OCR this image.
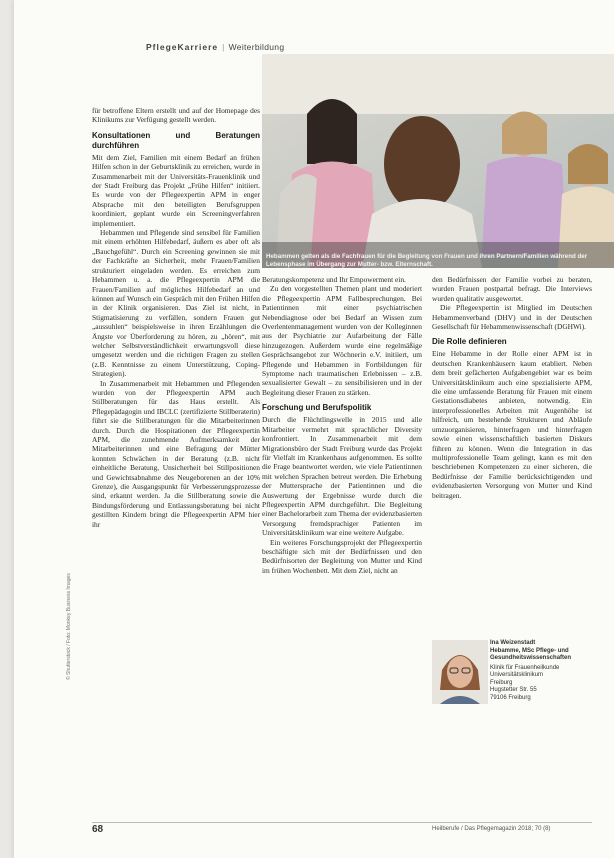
PflegeKarriere | Weiterbildung
Hebammen gelten als die Fachfrauen für die Begleitung von Frauen und ihren Partnern/Familien während der Lebensphase im Übergang zur Mutter- bzw. Elternschaft.

für betroffene Eltern erstellt und auf der Homepage des Klinikums zur Verfügung gestellt werden.

Konsultationen und Beratungen durchführen

Mit dem Ziel, Familien mit einem Bedarf an frühen Hilfen schon in der Geburtsklinik zu erreichen, wurde in Zusammenarbeit mit der Universitäts-Frauenklinik und der Stadt Freiburg das Projekt „Frühe Hilfen“ initiiert. Es wurde von der Pflegeexpertin APM in enger Absprache mit den beteiligten Berufsgruppen koordiniert, geplant wurde ein Screeningverfahren implementiert.

Hebammen und Pflegende sind sensibel für Familien mit einem erhöhten Hilfebedarf, äußern es aber oft als „Bauchgefühl“. Durch ein Screening gewinnen sie mit der Fachkräfte an Sicherheit, mehr Frauen/Familien strukturiert eingeladen werden. Es erreichen zum Hebammen u. a. die Pflegeexpertin APM die Frauen/Familien auf mögliches Hilfebedarf an und können auf Wunsch ein Gespräch mit den Frühen Hilfen in der Klinik organisieren. Das Ziel ist nicht, in Stigmatisierung zu verfällen, sondern Frauen gut „aussuhlen“ beispielsweise in ihren Erzählungen die Ängste vor Überforderung zu hören, zu „hören“, mit welcher Selbstverständlichkeit erwartungsvoll diese umgesetzt werden und die richtigen Fragen zu stellen (z.B. Kenntnisse zu einem Unterstützung, Coping-Strategien).

In Zusammenarbeit mit Hebammen und Pflegenden wurden von der Pflegeexpertin APM auch Stillberatungen für das Haus erstellt. Als Pflegepädagogin und IBCLC (zertifizierte Stillberaterin) führt sie die Stillberatungen für die Mitarbeiterinnen durch. Durch die Hospitationen der Pflegeexpertin APM, die zunehmende Aufmerksamkeit der Mitarbeiterinnen und eine Befragung der Mütter konnten Schwächen in der Beratung (z.B. nicht einheitliche Beratung, Unsicherheit bei Stillpositionen und Gewichtsabnahme des Neugeborenen an der 10% Grenze), die Ausgangspunkt für Verbesserungsprozesse sind, erkannt werden. Ja die Stillberatung sowie die Bindungsförderung und Entlassungsberatung bei nicht gestillten Kindern bringt die Pflegeexpertin APM hier ihr

Beratungskompetenz und Ihr Empowerment ein.

Zu den vorgestellten Themen plant und moderiert die Pflegeexpertin APM Fallbesprechungen. Bei Patientinnen mit einer psychiatrischen Nebendiagnose oder bei Bedarf an Wissen zum Overlentenmanagement wurden von der Kolleginnen aus der Psychiatrie zur Aufarbeitung der Fälle hinzugezogen. Außerdem wurde eine regelmäßige Gesprächsangebot zur Wöchnerin e.V. initiiert, um Pflegende und Hebammen in Fortbildungen für Symptome nach traumatischen Erlebnissen – z.B. sexualisierter Gewalt – zu sensibilisieren und in der Begleitung dieser Frauen zu stärken.

Forschung und Berufspolitik

Durch die Flüchtlingswelle in 2015 und alle Mitarbeiter vermehrt mit sprachlicher Diversity konfrontiert. In Zusammenarbeit mit dem Migrationsbüro der Stadt Freiburg wurde das Projekt für Vielfalt im Krankenhaus aufgenommen. Es sollte die Frage beantwortet werden, wie viele Patientinnen mit welchen Sprachen betreut werden. Die Erhebung der Muttersprache der Patientinnen und die Auswertung der Ergebnisse wurde durch die Pflegeexpertin APM durchgeführt. Die Begleitung einer Bachelorarbeit zum Thema der evidenzbasierten Versorgung fremdsprachiger Patienten im Universitätsklinikum war eine weitere Aufgabe.

Ein weiteres Forschungsprojekt der Pflegeexpertin beschäftigte sich mit der Bedürfnissen und den Bedürfnisorten der Begleitung von Mutter und Kind im frühen Wochenbett. Mit dem Ziel, nicht an

den Bedürfnissen der Familie vorbei zu beraten, wurden Frauen postpartal befragt. Die Interviews wurden qualitativ ausgewertet.

Die Pflegeexpertin ist Mitglied im Deutschen Hebammenverband (DHV) und in der Deutschen Gesellschaft für Hebammenwissenschaft (DGHWi).

Die Rolle definieren

Eine Hebamme in der Rolle einer APM ist in deutschen Krankenhäusern kaum etabliert. Neben dem breit gefächerten Aufgabengebiet war es beim Universitätsklinikum auch eine spezialisierte APM, die eine umfassende Beratung für Frauen mit einem Gestationsdiabetes anbieten, notwendig. Ein interprofessionelles Arbeiten mit Augenhöhe ist hilfreich, um bestehende Strukturen und Abläufe umzuorganisieren, hinterfragen und hinterfragen sowie einen wissenschaftlich basierten Diskurs führen zu können. Wenn die Integration in das multiprofessionelle Team gelingt, kann es mit den beschriebenen Kompetenzen zu einer sicheren, die Bedürfnisse der Familie berücksichtigenden und evidenzbasierten Versorgung von Mutter und Kind beitragen.

Ina Weizenstadt
Hebamme, MSc Pflege- und Gesundheitswissenschaften
Klinik für Frauenheilkunde
Universitätsklinikum
Freiburg
Hugstetter Str. 55
79106 Freiburg
© Shutterstock / Foto: Monkey Business Images
68	Heilberufe / Das Pflegemagazin 2018; 70 (8)
